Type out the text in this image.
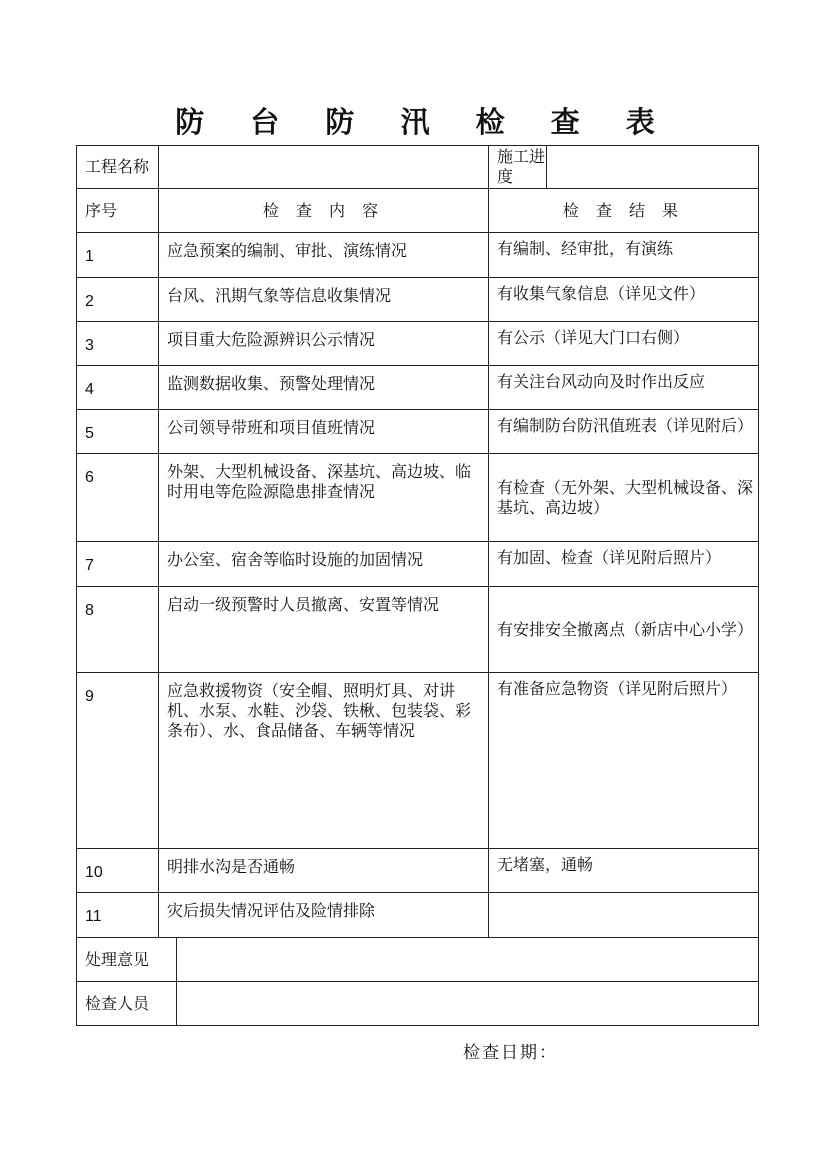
防 台 防 汛 检 查 表
工程名称			施工进度	
序号	检 查 内 容		检 查 结 果	
1	应急预案的编制、审批、演练情况		有编制、经审批，有演练	
2	台风、汛期气象等信息收集情况		有收集气象信息（详见文件）	
3	项目重大危险源辨识公示情况		有公示（详见大门口右侧）	
4	监测数据收集、预警处理情况		有关注台风动向及时作出反应	
5	公司领导带班和项目值班情况		有编制防台防汛值班表（详见附后）	
6	外架、大型机械设备、深基坑、高边坡、临时用电等危险源隐患排查情况		有检查（无外架、大型机械设备、深基坑、高边坡）	
7	办公室、宿舍等临时设施的加固情况		有加固、检查（详见附后照片）	
8	启动一级预警时人员撤离、安置等情况		有安排安全撤离点（新店中心小学）	
9	应急救援物资（安全帽、照明灯具、对讲机、水泵、水鞋、沙袋、铁楸、包装袋、彩条布）、水、食品储备、车辆等情况		有准备应急物资（详见附后照片）	
10	明排水沟是否通畅		无堵塞，通畅	
11	灾后损失情况评估及险情排除			
处理意见				
检查人员				
检查日期：
